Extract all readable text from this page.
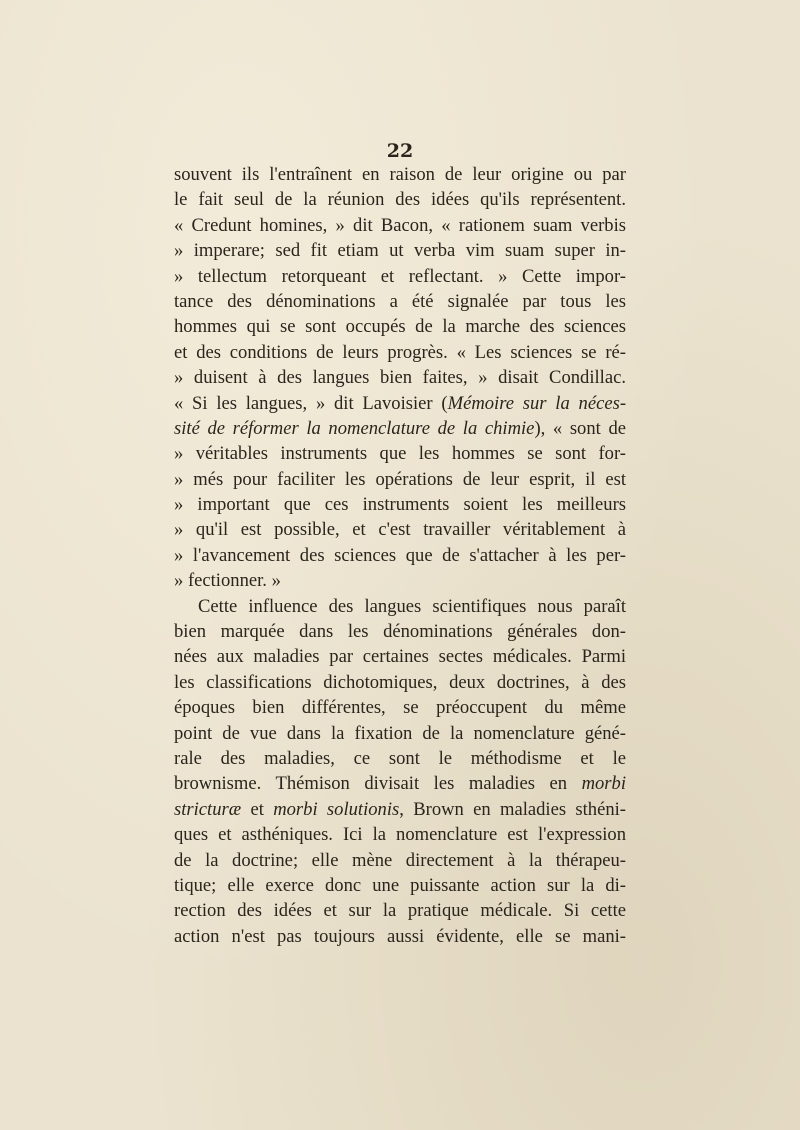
22
souvent ils l'entraînent en raison de leur origine ou par
le fait seul de la réunion des idées qu'ils représentent.
« Credunt homines, » dit Bacon, « rationem suam verbis
» imperare; sed fit etiam ut verba vim suam super in-
» tellectum retorqueant et reflectant. » Cette impor-
tance des dénominations a été signalée par tous les
hommes qui se sont occupés de la marche des sciences
et des conditions de leurs progrès. « Les sciences se ré-
» duisent à des langues bien faites, » disait Condillac.
« Si les langues, » dit Lavoisier (Mémoire sur la néces-
sité de réformer la nomenclature de la chimie), « sont de
» véritables instruments que les hommes se sont for-
» més pour faciliter les opérations de leur esprit, il est
» important que ces instruments soient les meilleurs
» qu'il est possible, et c'est travailler véritablement à
» l'avancement des sciences que de s'attacher à les per-
» fectionner. »
Cette influence des langues scientifiques nous paraît
bien marquée dans les dénominations générales don-
nées aux maladies par certaines sectes médicales. Parmi
les classifications dichotomiques, deux doctrines, à des
époques bien différentes, se préoccupent du même
point de vue dans la fixation de la nomenclature géné-
rale des maladies, ce sont le méthodisme et le
brownisme. Thémison divisait les maladies en morbi
stricturæ et morbi solutionis, Brown en maladies sthéni-
ques et asthéniques. Ici la nomenclature est l'expression
de la doctrine; elle mène directement à la thérapeu-
tique; elle exerce donc une puissante action sur la di-
rection des idées et sur la pratique médicale. Si cette
action n'est pas toujours aussi évidente, elle se mani-
